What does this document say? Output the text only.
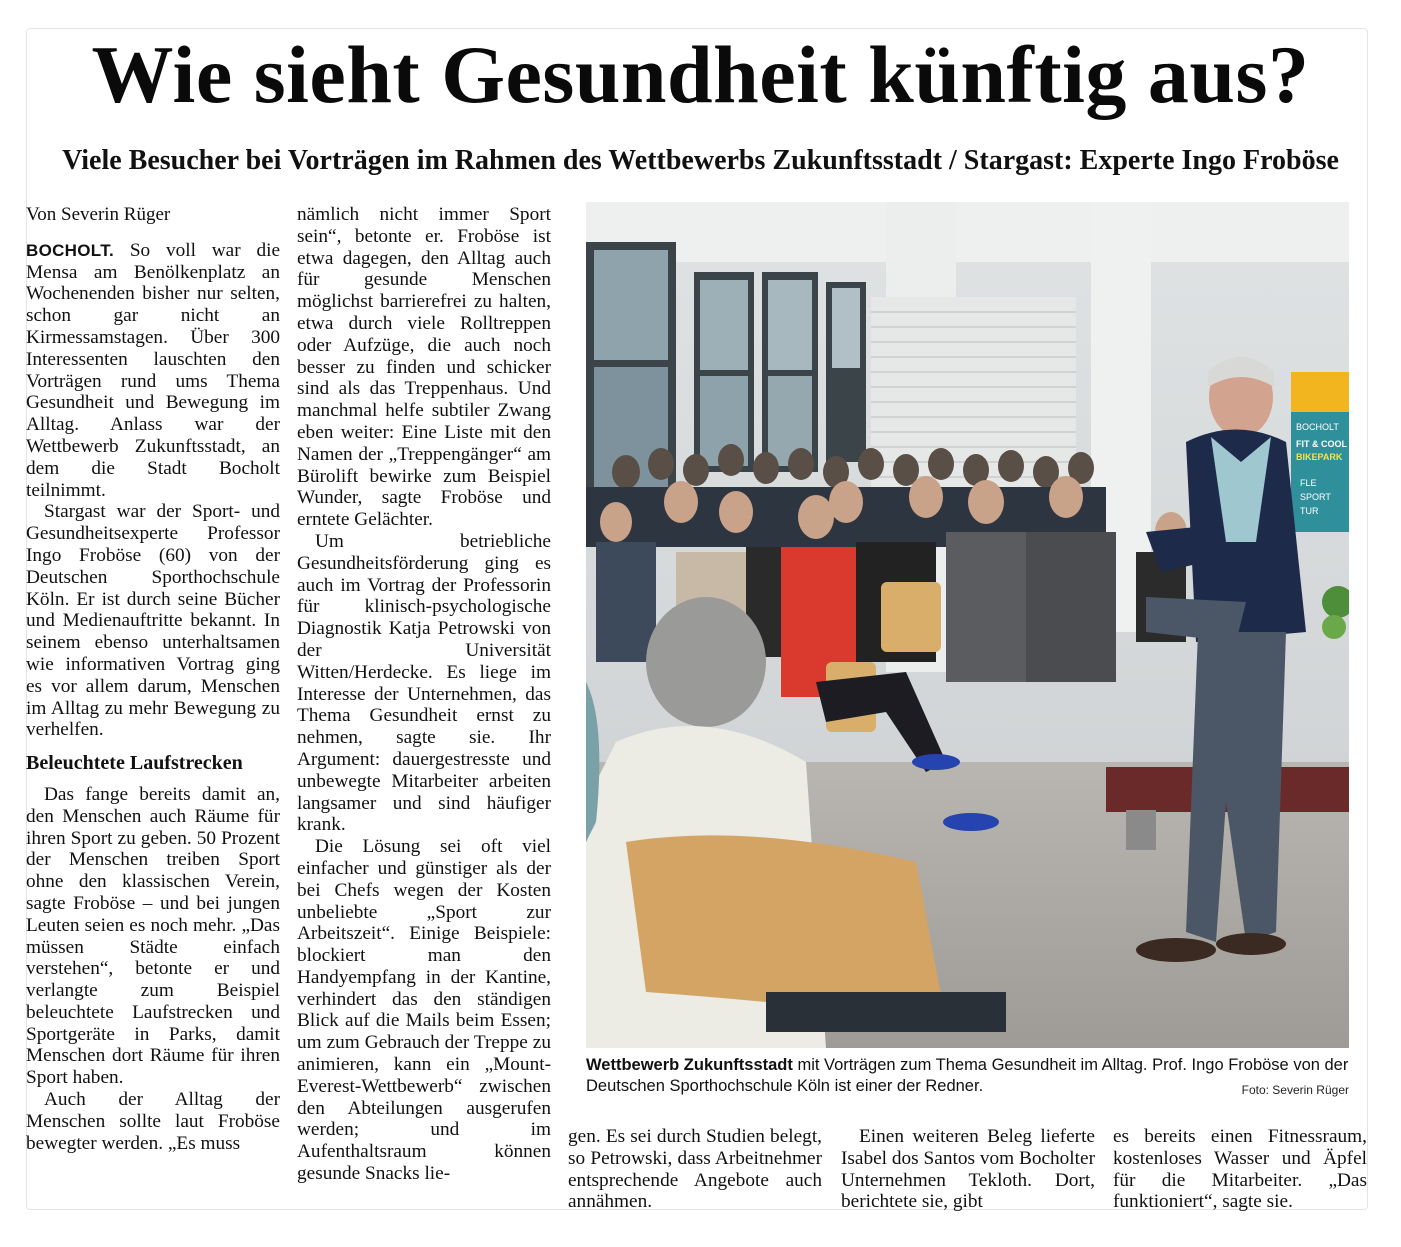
Wie sieht Gesundheit künftig aus?
Viele Besucher bei Vorträgen im Rahmen des Wettbewerbs Zukunftsstadt / Stargast: Experte Ingo Froböse
Von Severin Rüger

BOCHOLT. So voll war die Mensa am Benölkenplatz an Wochenenden bisher nur selten, schon gar nicht an Kirmessamstagen. Über 300 Interessenten lauschten den Vorträgen rund ums Thema Gesundheit und Bewegung im Alltag. Anlass war der Wettbewerb Zukunftsstadt, an dem die Stadt Bocholt teilnimmt.

Stargast war der Sport- und Gesundheitsexperte Professor Ingo Froböse (60) von der Deutschen Sporthochschule Köln. Er ist durch seine Bücher und Medienauftritte bekannt. In seinem ebenso unterhaltsamen wie informativen Vortrag ging es vor allem darum, Menschen im Alltag zu mehr Bewegung zu verhelfen.

Beleuchtete Laufstrecken

Das fange bereits damit an, den Menschen auch Räume für ihren Sport zu geben. 50 Prozent der Menschen treiben Sport ohne den klassischen Verein, sagte Froböse – und bei jungen Leuten seien es noch mehr. „Das müssen Städte einfach verstehen“, betonte er und verlangte zum Beispiel beleuchtete Laufstrecken und Sportgeräte in Parks, damit Menschen dort Räume für ihren Sport haben.

Auch der Alltag der Menschen sollte laut Froböse bewegter werden. „Es muss

nämlich nicht immer Sport sein“, betonte er. Froböse ist etwa dagegen, den Alltag auch für gesunde Menschen möglichst barrierefrei zu halten, etwa durch viele Rolltreppen oder Aufzüge, die auch noch besser zu finden und schicker sind als das Treppenhaus. Und manchmal helfe subtiler Zwang eben weiter: Eine Liste mit den Namen der „Treppengänger“ am Bürolift bewirke zum Beispiel Wunder, sagte Froböse und erntete Gelächter.

Um betriebliche Gesundheitsförderung ging es auch im Vortrag der Professorin für klinisch-psychologische Diagnostik Katja Petrowski von der Universität Witten/Herdecke. Es liege im Interesse der Unternehmen, das Thema Gesundheit ernst zu nehmen, sagte sie. Ihr Argument: dauergestresste und unbewegte Mitarbeiter arbeiten langsamer und sind häufiger krank.

Die Lösung sei oft viel einfacher und günstiger als der bei Chefs wegen der Kosten unbeliebte „Sport zur Arbeitszeit“. Einige Beispiele: blockiert man den Handyempfang in der Kantine, verhindert das den ständigen Blick auf die Mails beim Essen; um zum Gebrauch der Treppe zu animieren, kann ein „Mount-Everest-Wettbewerb“ zwischen den Abteilungen ausgerufen werden; und im Aufenthaltsraum können gesunde Snacks lie-

gen. Es sei durch Studien belegt, so Petrowski, dass Arbeitnehmer entsprechende Angebote auch annähmen.

Einen weiteren Beleg lieferte Isabel dos Santos vom Bocholter Unternehmen Tekloth. Dort, berichtete sie, gibt

es bereits einen Fitnessraum, kostenloses Wasser und Äpfel für die Mitarbeiter. „Das funktioniert“, sagte sie.

BOCHOLT
FIT & COOL
BIKEPARK
FLE
SPORT
TUR
Wettbewerb Zukunftsstadt mit Vorträgen zum Thema Gesundheit im Alltag. Prof. Ingo Froböse von der Deutschen Sporthochschule Köln ist einer der Redner.	Foto: Severin Rüger
